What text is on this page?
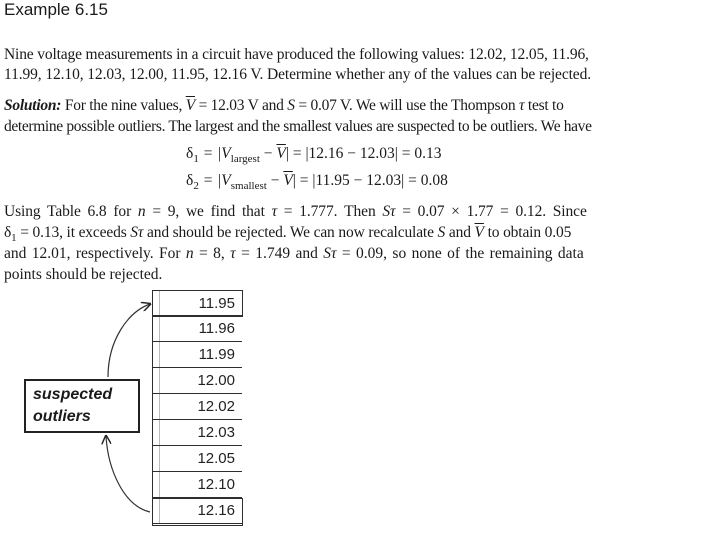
Example 6.15
Nine voltage measurements in a circuit have produced the following values: 12.02, 12.05, 11.96,
11.99, 12.10, 12.03, 12.00, 11.95, 12.16 V. Determine whether any of the values can be rejected.
Solution: For the nine values, $\overline{V} = 12.03$ V and S = 0.07 V. We will use the Thompson τ test to
determine possible outliers. The largest and the smallest values are suspected to be outliers. We have
$\delta_1 = |V_{largest} - \overline{V}| = |12.16 - 12.03| = 0.13$
$\delta_2 = |V_{smallest} - \overline{V}| = |11.95 - 12.03| = 0.08$
Using Table 6.8 for n = 9, we find that τ = 1.777. Then Sτ = 0.07 × 1.77 = 0.12. Since
$\delta_1 = 0.13$, it exceeds Sτ and should be rejected. We can now recalculate S and $\overline{V}$ to obtain 0.05
and 12.01, respectively. For n = 8, τ = 1.749 and Sτ = 0.09, so none of the remaining data
points should be rejected.
11.95
11.96
11.99
12.00
12.02
12.03
12.05
12.10
12.16
suspected
outliers
